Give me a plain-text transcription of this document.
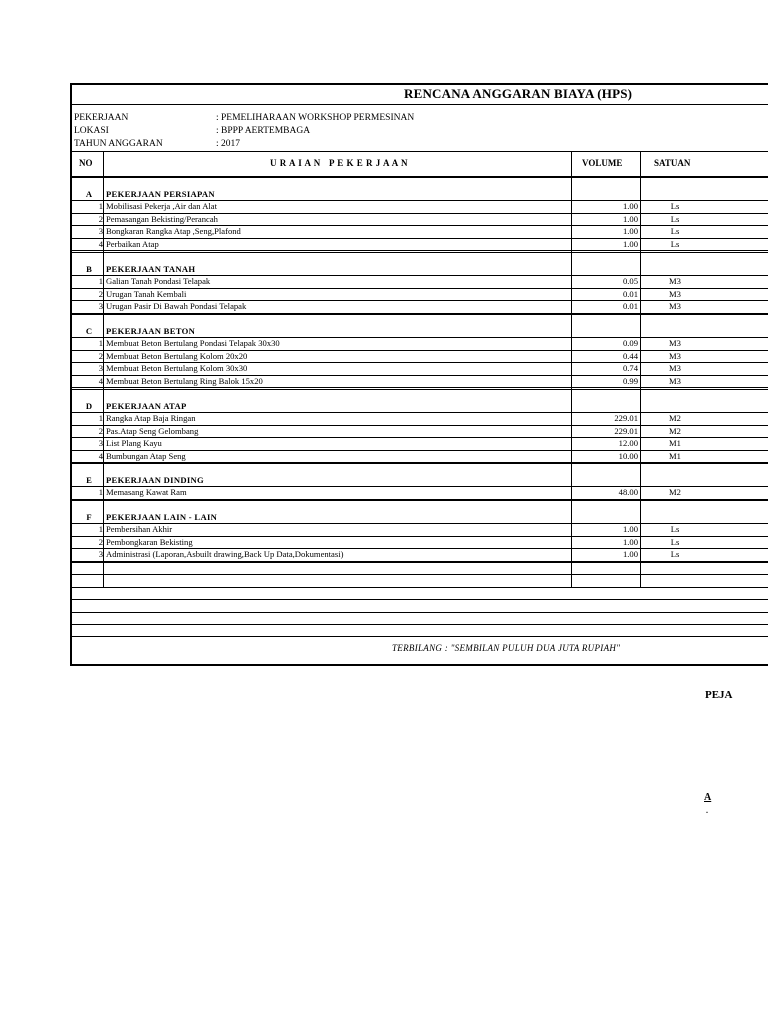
RENCANA ANGGARAN BIAYA (HPS)
PEKERJAAN	: PEMELIHARAAN WORKSHOP PERMESINAN
LOKASI	: BPPP AERTEMBAGA
TAHUN ANGGARAN	: 2017
NO	U R A I A N   P E K E R J A A N	VOLUME	SATUAN
A	PEKERJAAN PERSIAPAN
1 Mobilisasi Pekerja ,Air dan Alat	1.00	Ls
2 Pemasangan Bekisting/Perancah	1.00	Ls
3 Bongkaran Rangka Atap ,Seng,Plafond	1.00	Ls
4 Perbaikan Atap	1.00	Ls
B	PEKERJAAN TANAH
1 Galian Tanah Pondasi Telapak	0.05	M3
2 Urugan Tanah Kembali	0.01	M3
3 Urugan Pasir Di Bawah Pondasi Telapak	0.01	M3
C	PEKERJAAN BETON
1 Membuat Beton Bertulang Pondasi Telapak 30x30	0.09	M3
2 Membuat Beton Bertulang Kolom 20x20	0.44	M3
3 Membuat Beton Bertulang Kolom 30x30	0.74	M3
4 Membuat Beton Bertulang Ring Balok 15x20	0.99	M3
D	PEKERJAAN ATAP
1 Rangka Atap Baja Ringan	229.01	M2
2 Pas.Atap Seng Gelombang	229.01	M2
3 List Plang Kayu	12.00	M1
4 Bumbungan Atap Seng	10.00	M1
E	PEKERJAAN DINDING
1 Memasang Kawat Ram	48.00	M2
F	PEKERJAAN LAIN - LAIN
1 Pembersihan Akhir	1.00	Ls
2 Pembongkaran Bekisting	1.00	Ls
3 Administrasi (Laporan,Asbuilt drawing,Back Up Data,Dokumentasi)	1.00	Ls
TERBILANG : "SEMBILAN PULUH DUA JUTA RUPIAH"
PEJA
A
.
